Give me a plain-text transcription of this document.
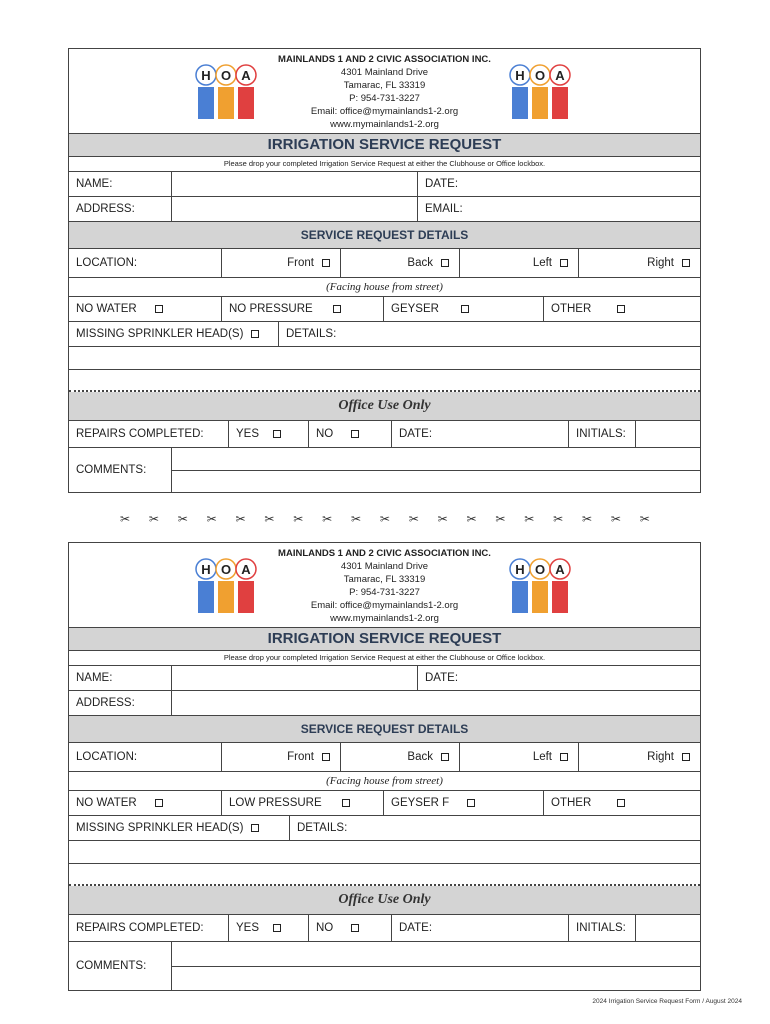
H O A
MAINLANDS 1 AND 2 CIVIC ASSOCIATION INC.
4301 Mainland Drive
Tamarac, FL 33319
P: 954-731-3227
Email: office@mymainlands1-2.org
www.mymainlands1-2.org
H O A
IRRIGATION SERVICE REQUEST
Please drop your completed Irrigation Service Request at either the Clubhouse or Office lockbox.
NAME:	DATE:
ADDRESS:	EMAIL:
SERVICE REQUEST DETAILS
LOCATION:	Front	Back	Left	Right
(Facing house from street)
NO WATER	NO PRESSURE	GEYSER	OTHER
MISSING SPRINKLER HEAD(S)	DETAILS:
Office Use Only
REPAIRS COMPLETED:	YES	NO	DATE:	INITIALS:
COMMENTS:
✂ ✂ ✂ ✂ ✂ ✂ ✂ ✂ ✂ ✂ ✂ ✂ ✂ ✂ ✂ ✂ ✂ ✂ ✂
H O A
MAINLANDS 1 AND 2 CIVIC ASSOCIATION INC.
4301 Mainland Drive
Tamarac, FL 33319
P: 954-731-3227
Email: office@mymainlands1-2.org
www.mymainlands1-2.org
H O A
IRRIGATION SERVICE REQUEST
Please drop your completed Irrigation Service Request at either the Clubhouse or Office lockbox.
NAME:	DATE:
ADDRESS:
SERVICE REQUEST DETAILS
LOCATION:	Front	Back	Left	Right
(Facing house from street)
NO WATER	LOW PRESSURE	GEYSER F	OTHER
MISSING SPRINKLER HEAD(S)	DETAILS:
Office Use Only
REPAIRS COMPLETED:	YES	NO	DATE:	INITIALS:
COMMENTS:
2024 Irrigation Service Request Form / August 2024
